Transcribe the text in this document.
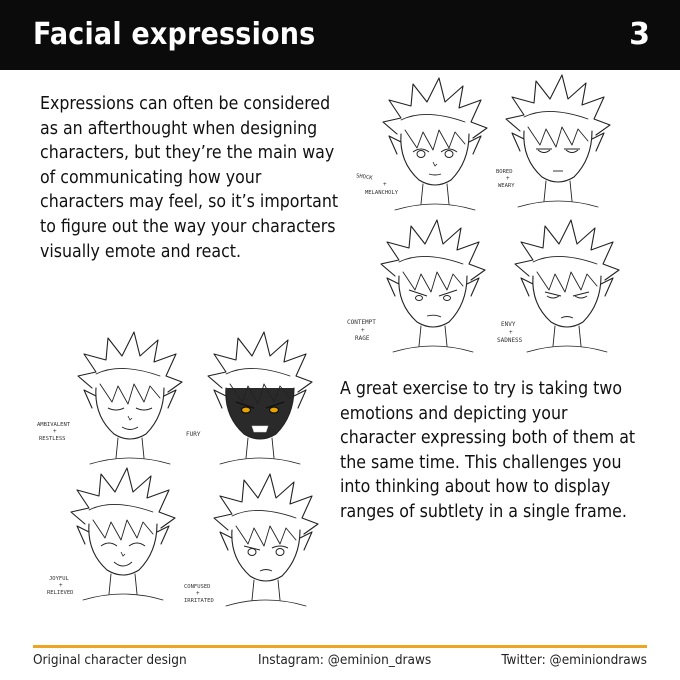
Facial expressions	3
Expressions can often be considered as an afterthought when designing characters, but they’re the main way of communicating how your characters may feel, so it’s important to figure out the way your characters visually emote and react.
A great exercise to try is taking two emotions and depicting your character expressing both of them at the same time. This challenges you into thinking about how to display ranges of subtlety in a single frame.
SHOCK
+
MELANCHOLY
BORED
+
WEARY
CONTEMPT
+
RAGE
ENVY
+
SADNESS
AMBIVALENT
+
RESTLESS
FURY
JOYFUL
+
RELIEVED
CONFUSED
+
IRRITATED
Original character design	Instagram: @eminion_draws	Twitter: @eminiondraws
